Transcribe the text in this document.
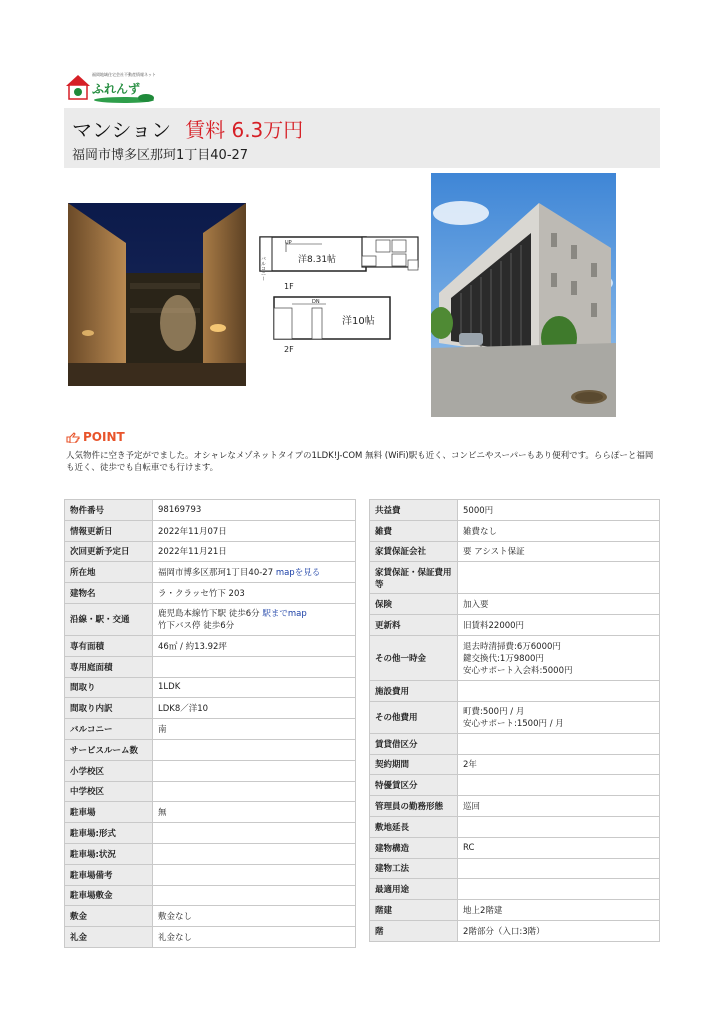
福岡地域住宅会社不動産情報ネット
ふれんず
マンション 賃料 6.3万円
福岡市博多区那珂1丁目40-27
UP
バルコニー	洋8.31帖
1F
DN
洋10帖
2F
POINT
人気物件に空き予定がでました。オシャレなメゾネットタイプの1LDK!J-COM 無料 (WiFi)駅も近く、コンビニやスーパーもあり便利です。ららぽーと福岡も近く、徒歩でも自転車でも行けます。
物件番号	98169793
情報更新日	2022年11月07日
次回更新予定日	2022年11月21日
所在地	福岡市博多区那珂1丁目40-27 mapを見る
建物名	ラ・クラッセ竹下 203
沿線・駅・交通	鹿児島本線竹下駅 徒歩6分 駅までmap
竹下バス停 徒歩6分

専有面積	46㎡ / 約13.92坪
専用庭面積	
間取り	1LDK
間取り内訳	LDK8／洋10
バルコニー	南
サービスルーム数	
小学校区	
中学校区	
駐車場	無
駐車場:形式	
駐車場:状況	
駐車場備考	
駐車場敷金	
敷金	敷金なし
礼金	礼金なし
共益費	5000円
雑費	雑費なし
家賃保証会社	要 アシスト保証
家賃保証・保証費用等	
保険	加入要
更新料	旧賃料22000円
その他一時金	退去時清掃費:6万6000円
鍵交換代:1万9800円
安心サポート入会料:5000円

施設費用	
その他費用	町費:500円 / 月
安心サポート:1500円 / 月

賃貸借区分	
契約期間	2年
特優賃区分	
管理員の勤務形態	巡回
敷地延長	
建物構造	RC
建物工法	
最適用途	
階建	地上2階建
階	2階部分（入口:3階）
